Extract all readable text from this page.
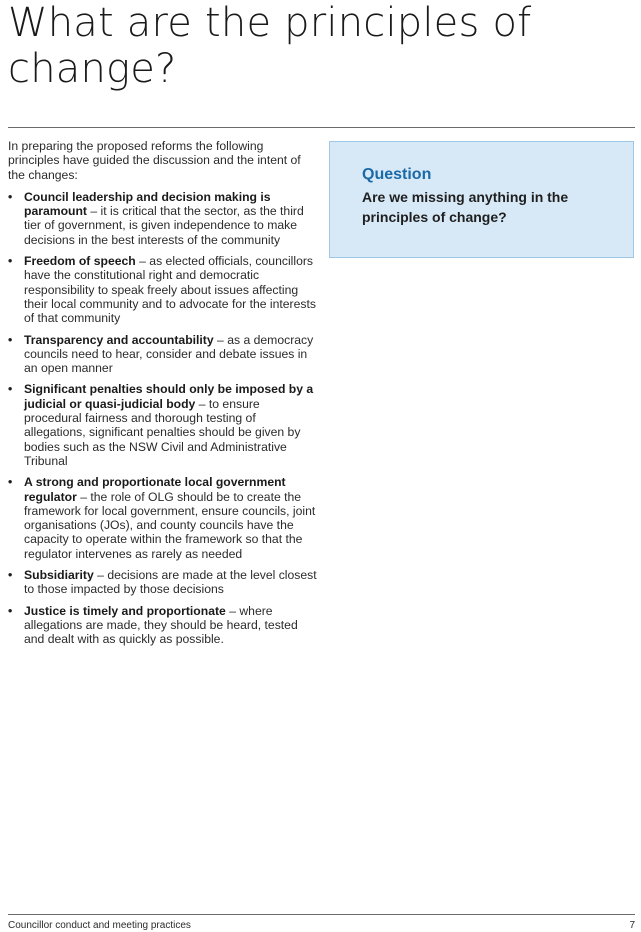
What are the principles of change?

In preparing the proposed reforms the following principles have guided the discussion and the intent of the changes:

• Council leadership and decision making is paramount – it is critical that the sector, as the third tier of government, is given independence to make decisions in the best interests of the community
• Freedom of speech – as elected officials, councillors have the constitutional right and democratic responsibility to speak freely about issues affecting their local community and to advocate for the interests of that community
• Transparency and accountability – as a democracy councils need to hear, consider and debate issues in an open manner
• Significant penalties should only be imposed by a judicial or quasi-judicial body – to ensure procedural fairness and thorough testing of allegations, significant penalties should be given by bodies such as the NSW Civil and Administrative Tribunal
• A strong and proportionate local government regulator – the role of OLG should be to create the framework for local government, ensure councils, joint organisations (JOs), and county councils have the capacity to operate within the framework so that the regulator intervenes as rarely as needed
• Subsidiarity – decisions are made at the level closest to those impacted by those decisions
• Justice is timely and proportionate – where allegations are made, they should be heard, tested and dealt with as quickly as possible.
Question
Are we missing anything in the principles of change?
Councillor conduct and meeting practices	7
